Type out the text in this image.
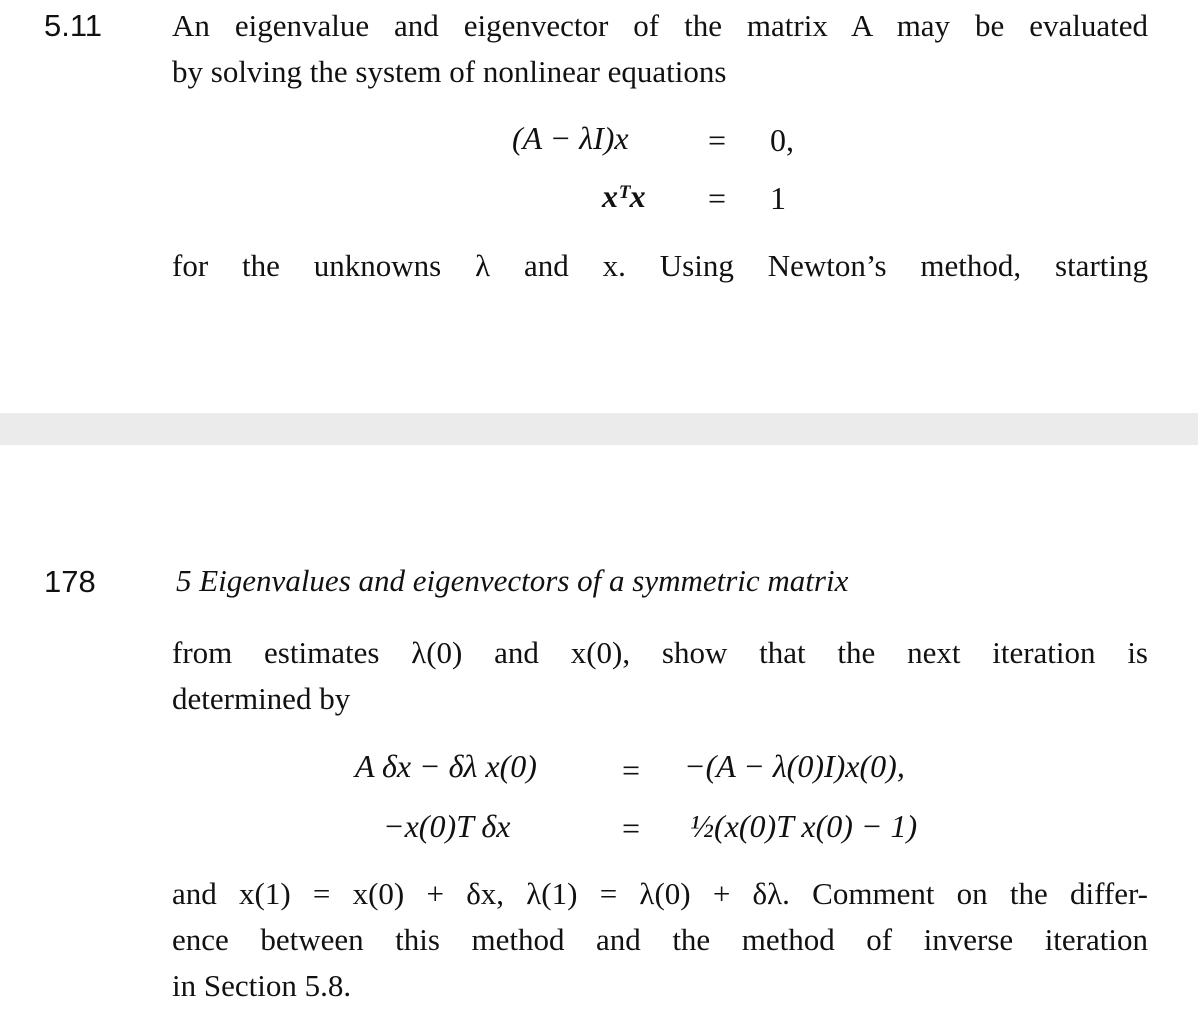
5.11 An eigenvalue and eigenvector of the matrix A may be evaluated
by solving the system of nonlinear equations
(A − λI)x = 0,
xᵀx = 1
for the unknowns λ and x. Using Newton’s method, starting
178	5 Eigenvalues and eigenvectors of a symmetric matrix
from estimates λ(0) and x(0), show that the next iteration is
determined by
A δx − δλ x(0)	= −(A − λ(0)I)x(0),
−x(0)T δx	= ½(x(0)T x(0) − 1)
and x(1) = x(0) + δx, λ(1) = λ(0) + δλ. Comment on the differ-
ence between this method and the method of inverse iteration
in Section 5.8.
